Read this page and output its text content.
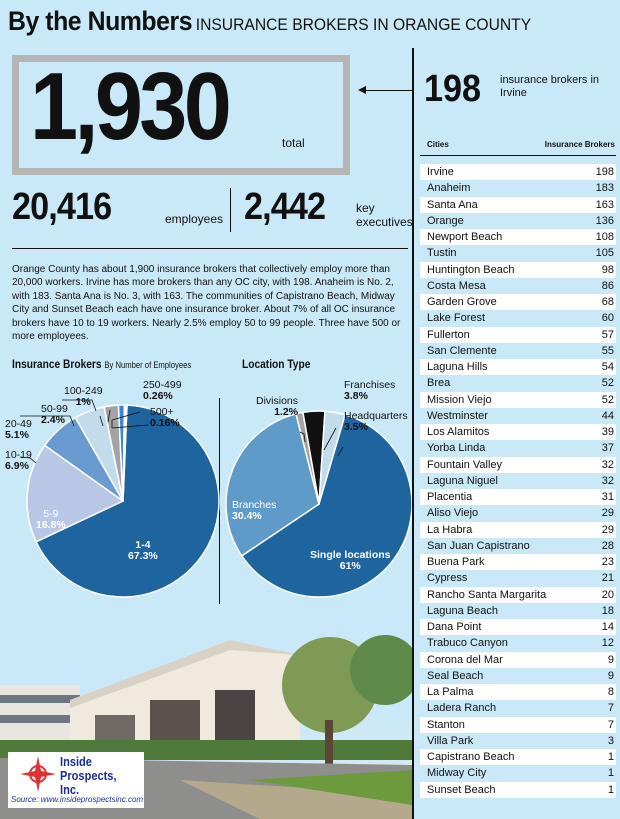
By the Numbers INSURANCE BROKERS IN ORANGE COUNTY
1,930	total
198 insurance brokers in Irvine
20,416	employees 2,442	key
executives
Orange County has about 1,900 insurance brokers that collectively employ more than 20,000 workers. Irvine has more brokers than any OC city, with 198. Anaheim is No. 2, with 183. Santa Ana is No. 3, with 163. The communities of Capistrano Beach, Midway City and Sunset Beach each have one insurance broker. About 7% of all OC insurance brokers have 10 to 19 workers. Nearly 2.5% employ 50 to 99 people. Three have 500 or more employees.
Insurance Brokers By Number of Employees	Location Type
100-249
1%
250-499
0.26%
500+
0.16%
50-99
2.4%
20-49
5.1%
10-19
6.9%
5-9
16.8%
1-4
67.3%
Divisions
1.2%
Franchises
3.8%
Headquarters
3.5%
Branches
30.4%
Single locations
61%
Cities	Insurance Brokers
Irvine	198
Anaheim	183
Santa Ana	163
Orange	136
Newport Beach	108
Tustin	105
Huntington Beach	98
Costa Mesa	86
Garden Grove	68
Lake Forest	60
Fullerton	57
San Clemente	55
Laguna Hills	54
Brea	52
Mission Viejo	52
Westminster	44
Los Alamitos	39
Yorba Linda	37
Fountain Valley	32
Laguna Niguel	32
Placentia	31
Aliso Viejo	29
La Habra	29
San Juan Capistrano	28
Buena Park	23
Cypress	21
Rancho Santa Margarita	20
Laguna Beach	18
Dana Point	14
Trabuco Canyon	12
Corona del Mar	9
Seal Beach	9
La Palma	8
Ladera Ranch	7
Stanton	7
Villa Park	3
Capistrano Beach	1
Midway City	1
Sunset Beach	1
Inside
Prospects, Inc.
Source: www.insideprospectsinc.com
